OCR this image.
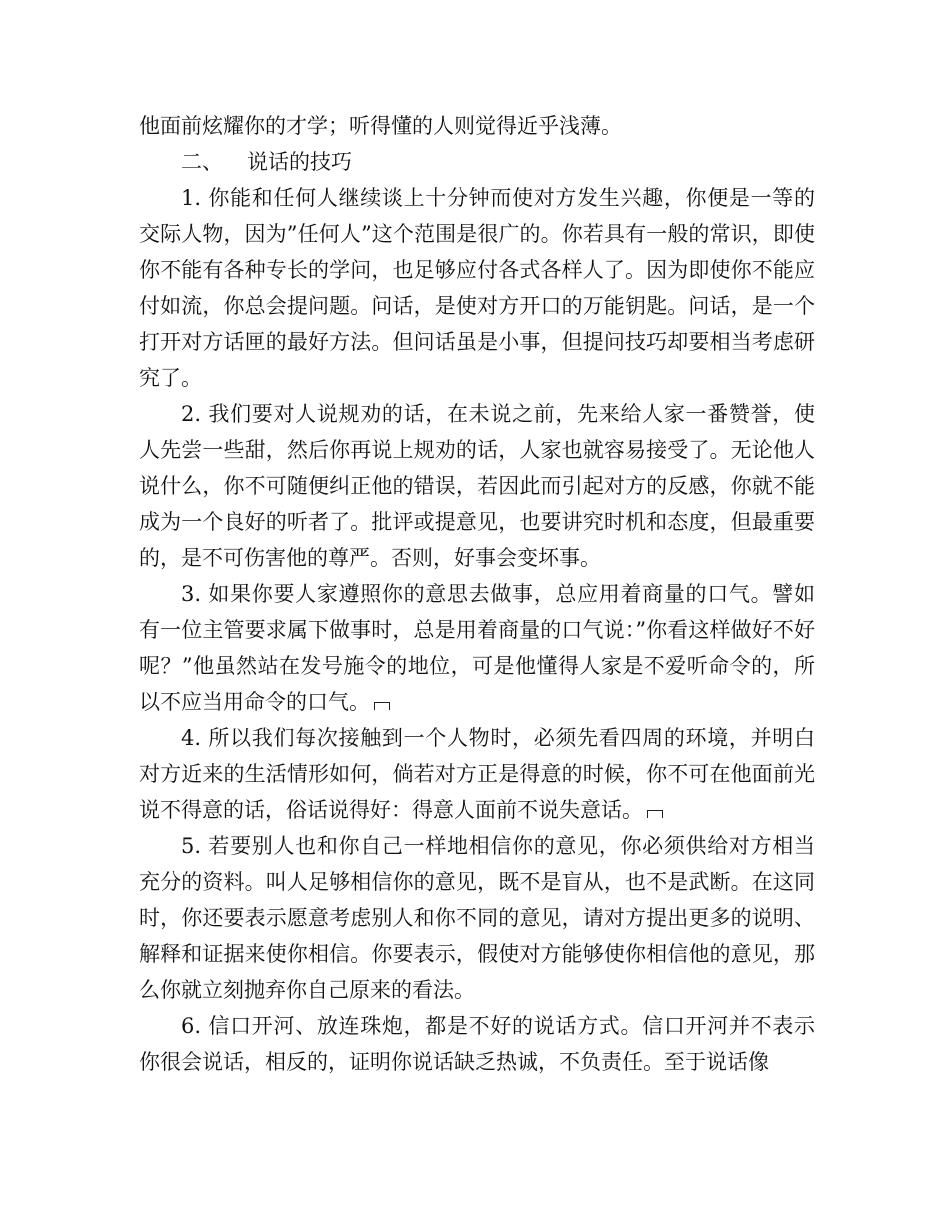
他面前炫耀你的才学；听得懂的人则觉得近乎浅薄。

二、 说话的技巧

1. 你能和任何人继续谈上十分钟而使对方发生兴趣，你便是一等的交际人物，因为”任何人”这个范围是很广的。你若具有一般的常识，即使你不能有各种专长的学问，也足够应付各式各样人了。因为即使你不能应付如流，你总会提问题。问话，是使对方开口的万能钥匙。问话，是一个打开对方话匣的最好方法。但问话虽是小事，但提问技巧却要相当考虑研究了。

2. 我们要对人说规劝的话，在未说之前，先来给人家一番赞誉，使人先尝一些甜，然后你再说上规劝的话，人家也就容易接受了。无论他人说什么，你不可随便纠正他的错误，若因此而引起对方的反感，你就不能成为一个良好的听者了。批评或提意见，也要讲究时机和态度，但最重要的，是不可伤害他的尊严。否则，好事会变坏事。

3. 如果你要人家遵照你的意思去做事，总应用着商量的口气。譬如有一位主管要求属下做事时，总是用着商量的口气说：”你看这样做好不好呢？”他虽然站在发号施令的地位，可是他懂得人家是不爱听命令的，所以不应当用命令的口气。

4. 所以我们每次接触到一个人物时，必须先看四周的环境，并明白对方近来的生活情形如何，倘若对方正是得意的时候，你不可在他面前光说不得意的话，俗话说得好：得意人面前不说失意话。

5. 若要别人也和你自己一样地相信你的意见，你必须供给对方相当充分的资料。叫人足够相信你的意见，既不是盲从，也不是武断。在这同时，你还要表示愿意考虑别人和你不同的意见，请对方提出更多的说明、解释和证据来使你相信。你要表示，假使对方能够使你相信他的意见，那么你就立刻抛弃你自己原来的看法。

6. 信口开河、放连珠炮，都是不好的说话方式。信口开河并不表示你很会说话，相反的，证明你说话缺乏热诚，不负责任。至于说话像
